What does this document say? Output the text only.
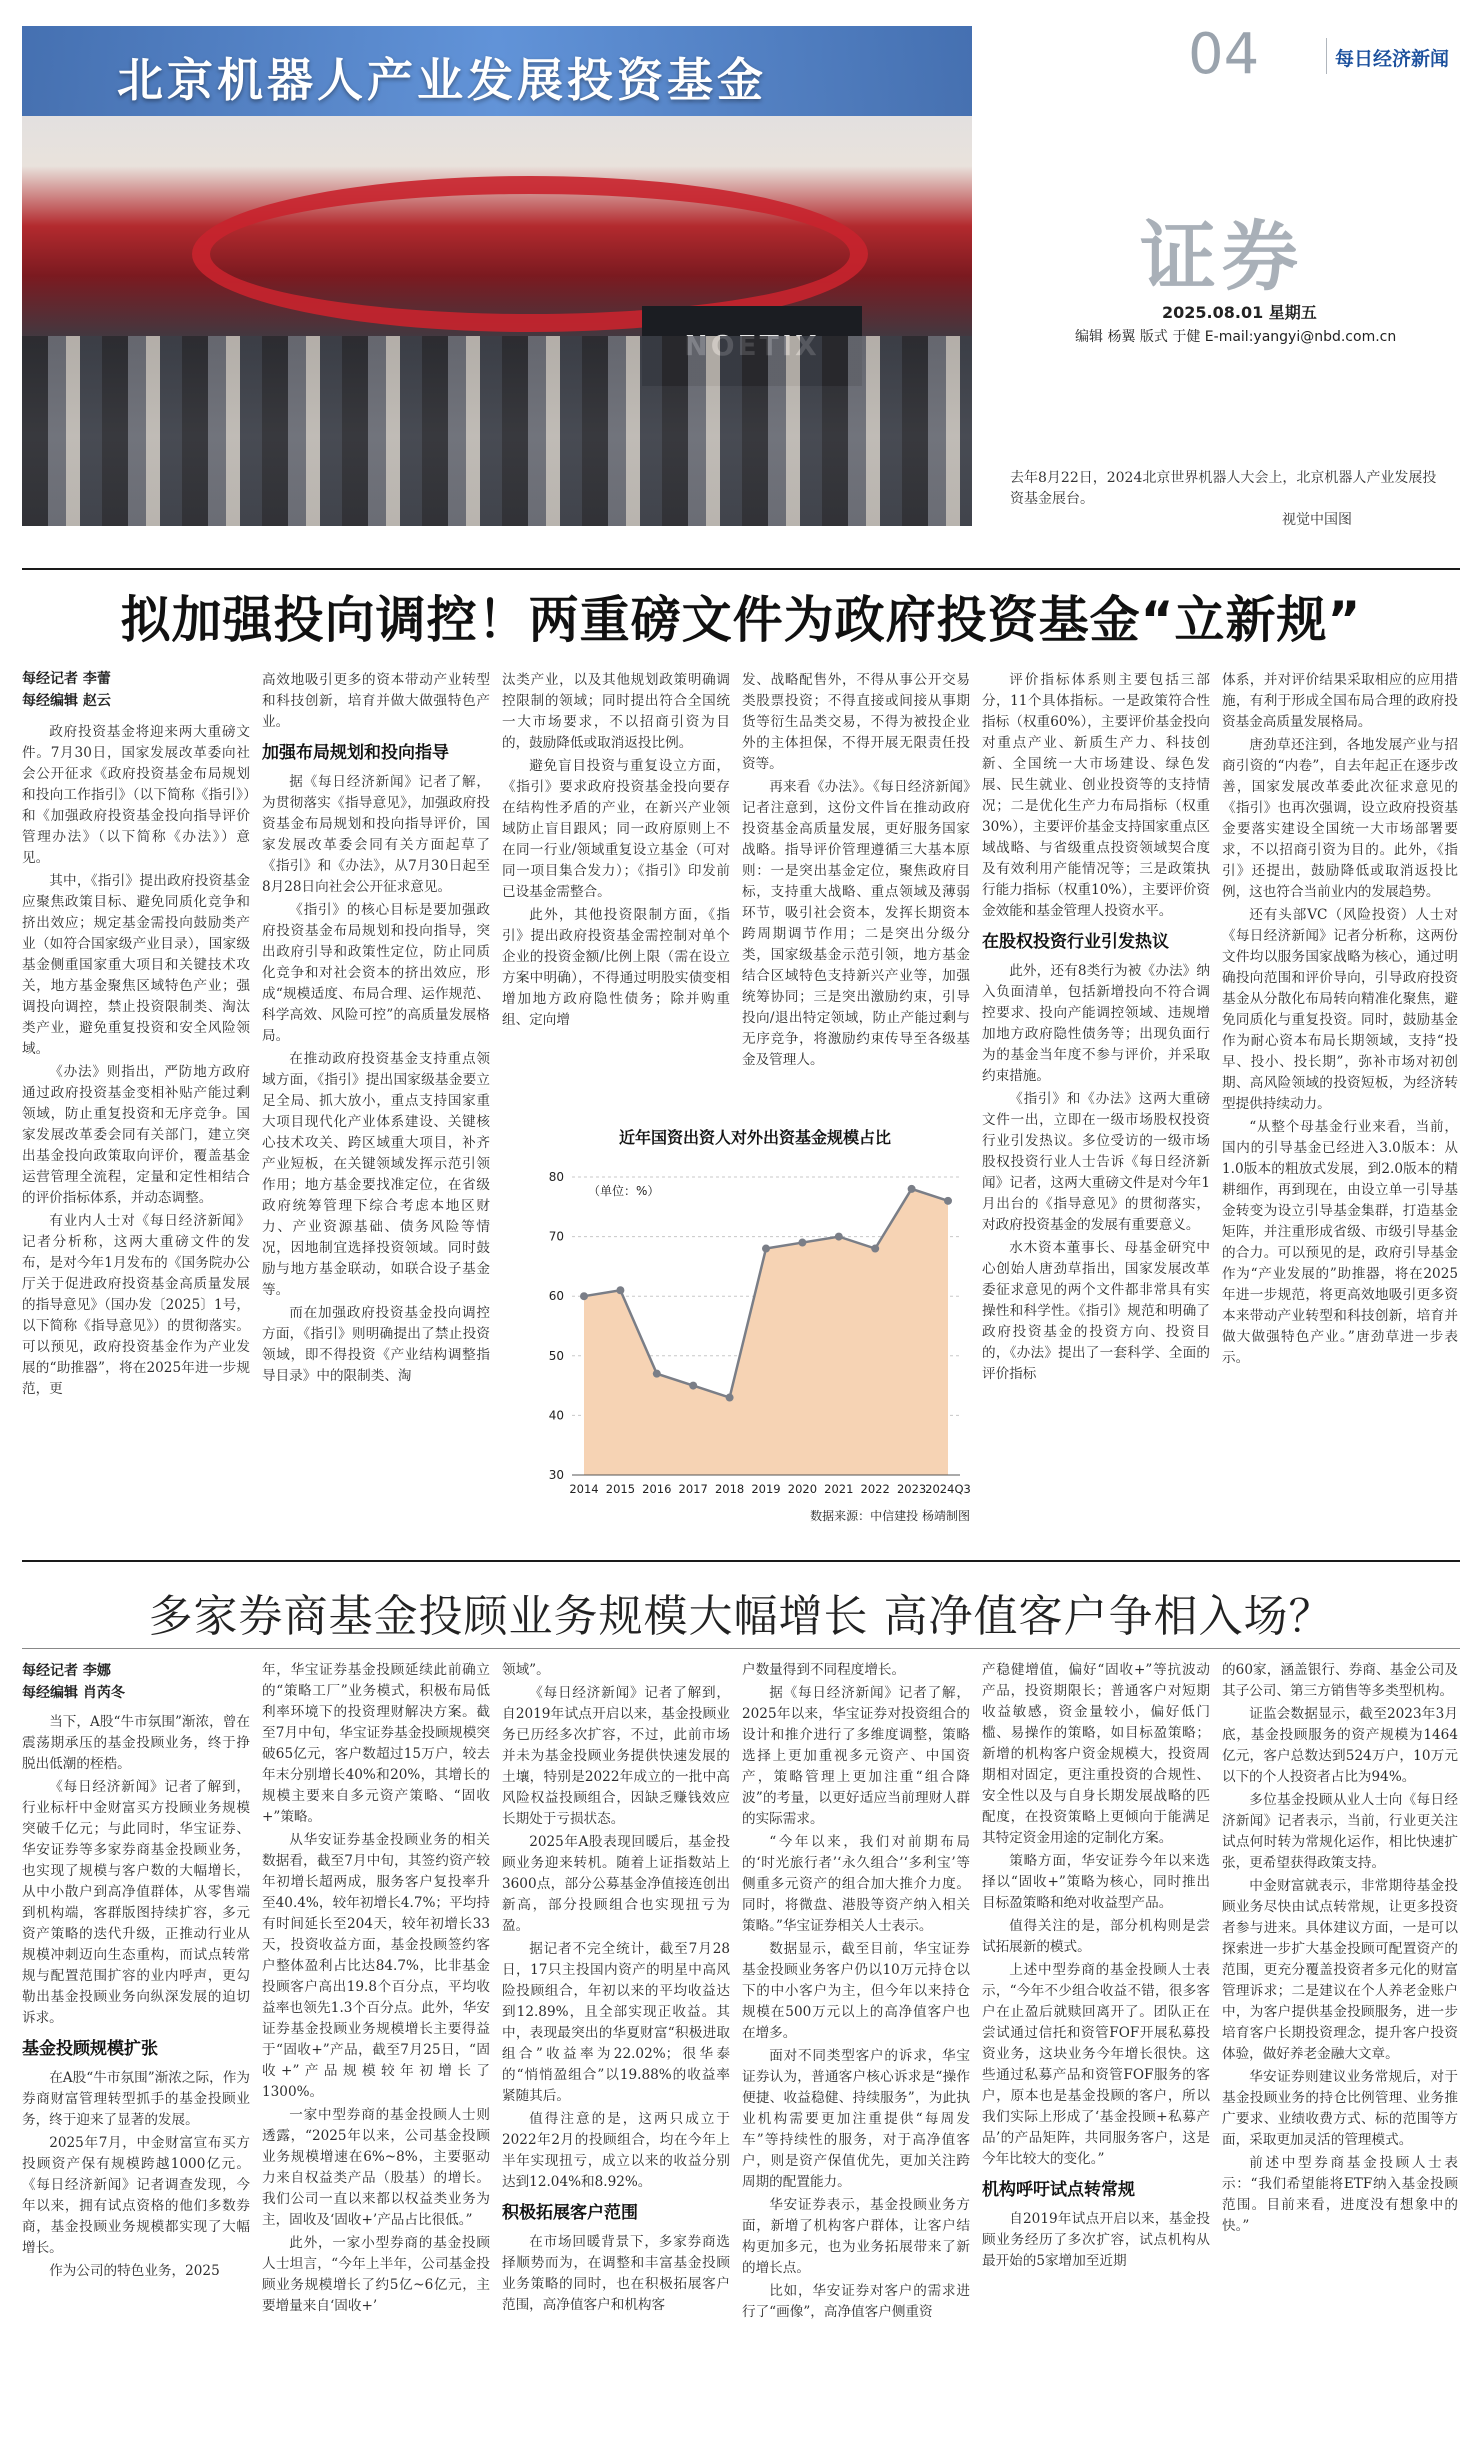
北京机器人产业发展投资基金	04	每日经济新闻
证券
2025.08.01 星期五
编辑 杨翼 版式 于健 E-mail:yangyi@nbd.com.cn
去年8月22日，2024北京世界机器人大会上，北京机器人产业发展投资基金展台。
视觉中国图
拟加强投向调控！两重磅文件为政府投资基金“立新规”
每经记者 李蕾
每经编辑 赵云

政府投资基金将迎来两大重磅文件。7月30日，国家发展改革委向社会公开征求《政府投资基金布局规划和投向工作指引》（以下简称《指引》）和《加强政府投资基金投向指导评价管理办法》（以下简称《办法》）意见。

其中，《指引》提出政府投资基金应聚焦政策目标、避免同质化竞争和挤出效应；规定基金需投向鼓励类产业（如符合国家级产业目录），国家级基金侧重国家重大项目和关键技术攻关，地方基金聚焦区域特色产业；强调投向调控，禁止投资限制类、淘汰类产业，避免重复投资和安全风险领域。

《办法》则指出，严防地方政府通过政府投资基金变相补贴产能过剩领域，防止重复投资和无序竞争。国家发展改革委会同有关部门，建立突出基金投向政策取向评价，覆盖基金运营管理全流程，定量和定性相结合的评价指标体系，并动态调整。

有业内人士对《每日经济新闻》记者分析称，这两大重磅文件的发布，是对今年1月发布的《国务院办公厅关于促进政府投资基金高质量发展的指导意见》（国办发〔2025〕1号，以下简称《指导意见》）的贯彻落实。可以预见，政府投资基金作为产业发展的“助推器”，将在2025年进一步规范，更

高效地吸引更多的资本带动产业转型和科技创新，培育并做大做强特色产业。

加强布局规划和投向指导

据《每日经济新闻》记者了解，为贯彻落实《指导意见》，加强政府投资基金布局规划和投向指导评价，国家发展改革委会同有关方面起草了《指引》和《办法》，从7月30日起至8月28日向社会公开征求意见。

《指引》的核心目标是要加强政府投资基金布局规划和投向指导，突出政府引导和政策性定位，防止同质化竞争和对社会资本的挤出效应，形成“规模适度、布局合理、运作规范、科学高效、风险可控”的高质量发展格局。

在推动政府投资基金支持重点领域方面，《指引》提出国家级基金要立足全局、抓大放小，重点支持国家重大项目现代化产业体系建设、关键核心技术攻关、跨区域重大项目，补齐产业短板，在关键领域发挥示范引领作用；地方基金要找准定位，在省级政府统筹管理下综合考虑本地区财力、产业资源基础、债务风险等情况，因地制宜选择投资领域。同时鼓励与地方基金联动，如联合设子基金等。

而在加强政府投资基金投向调控方面，《指引》则明确提出了禁止投资领域，即不得投资《产业结构调整指导目录》中的限制类、淘

汰类产业，以及其他规划政策明确调控限制的领域；同时提出符合全国统一大市场要求，不以招商引资为目的，鼓励降低或取消返投比例。

避免盲目投资与重复设立方面，《指引》要求政府投资基金投向要存在结构性矛盾的产业，在新兴产业领域防止盲目跟风；同一政府原则上不在同一行业/领域重复设立基金（可对同一项目集合发力）；《指引》印发前已设基金需整合。

此外，其他投资限制方面，《指引》提出政府投资基金需控制对单个企业的投资金额/比例上限（需在设立方案中明确），不得通过明股实债变相增加地方政府隐性债务；除并购重组、定向增

发、战略配售外，不得从事公开交易类股票投资；不得直接或间接从事期货等衍生品类交易，不得为被投企业外的主体担保，不得开展无限责任投资等。

再来看《办法》。《每日经济新闻》记者注意到，这份文件旨在推动政府投资基金高质量发展，更好服务国家战略。指导评价管理遵循三大基本原则：一是突出基金定位，聚焦政府目标，支持重大战略、重点领域及薄弱环节，吸引社会资本，发挥长期资本跨周期调节作用；二是突出分级分类，国家级基金示范引领，地方基金结合区域特色支持新兴产业等，加强统筹协同；三是突出激励约束，引导投向/退出特定领域，防止产能过剩与无序竞争，将激励约束传导至各级基金及管理人。

评价指标体系则主要包括三部分，11个具体指标。一是政策符合性指标（权重60%），主要评价基金投向对重点产业、新质生产力、科技创新、全国统一大市场建设、绿色发展、民生就业、创业投资等的支持情况；二是优化生产力布局指标（权重30%），主要评价基金支持国家重点区域战略、与省级重点投资领域契合度及有效利用产能情况等；三是政策执行能力指标（权重10%），主要评价资金效能和基金管理人投资水平。

在股权投资行业引发热议

此外，还有8类行为被《办法》纳入负面清单，包括新增投向不符合调控要求、投向产能调控领域、违规增加地方政府隐性债务等；出现负面行为的基金当年度不参与评价，并采取约束措施。

《指引》和《办法》这两大重磅文件一出，立即在一级市场股权投资行业引发热议。多位受访的一级市场股权投资行业人士告诉《每日经济新闻》记者，这两大重磅文件是对今年1月出台的《指导意见》的贯彻落实，对政府投资基金的发展有重要意义。

水木资本董事长、母基金研究中心创始人唐劲草指出，国家发展改革委征求意见的两个文件都非常具有实操性和科学性。《指引》规范和明确了政府投资基金的投资方向、投资目的，《办法》提出了一套科学、全面的评价指标

体系，并对评价结果采取相应的应用措施，有利于形成全国布局合理的政府投资基金高质量发展格局。

唐劲草还注到，各地发展产业与招商引资的“内卷”，自去年起正在逐步改善，国家发展改革委此次征求意见的《指引》也再次强调，设立政府投资基金要落实建设全国统一大市场部署要求，不以招商引资为目的。此外，《指引》还提出，鼓励降低或取消返投比例，这也符合当前业内的发展趋势。

还有头部VC（风险投资）人士对《每日经济新闻》记者分析称，这两份文件均以服务国家战略为核心，通过明确投向范围和评价导向，引导政府投资基金从分散化布局转向精准化聚焦，避免同质化与重复投资。同时，鼓励基金作为耐心资本布局长期领域，支持“投早、投小、投长期”，弥补市场对初创期、高风险领域的投资短板，为经济转型提供持续动力。

“从整个母基金行业来看，当前，国内的引导基金已经进入3.0版本：从1.0版本的粗放式发展，到2.0版本的精耕细作，再到现在，由设立单一引导基金转变为设立引导基金集群，打造基金矩阵，并注重形成省级、市级引导基金的合力。可以预见的是，政府引导基金作为“产业发展的”助推器，将在2025年进一步规范，将更高效地吸引更多资本来带动产业转型和科技创新，培育并做大做强特色产业。”唐劲草进一步表示。

近年国资出资人对外出资基金规模占比
30
40
50
60
70
80
（单位：%）
2014 2015 2016 2017 2018 2019 2020 2021 2022 2023
2024Q3
数据来源：中信建投 杨靖制图
多家券商基金投顾业务规模大幅增长 高净值客户争相入场？
每经记者 李娜
每经编辑 肖芮冬

当下，A股“牛市氛围”渐浓，曾在震荡期承压的基金投顾业务，终于挣脱出低潮的桎梏。

《每日经济新闻》记者了解到，行业标杆中金财富买方投顾业务规模突破千亿元；与此同时，华宝证券、华安证券等多家券商基金投顾业务，也实现了规模与客户数的大幅增长，从中小散户到高净值群体，从零售端到机构端，客群版图持续扩容，多元资产策略的迭代升级，正推动行业从规模冲刺迈向生态重构，而试点转常规与配置范围扩容的业内呼声，更勾勒出基金投顾业务向纵深发展的迫切诉求。

基金投顾规模扩张

在A股“牛市氛围”渐浓之际，作为券商财富管理转型抓手的基金投顾业务，终于迎来了显著的发展。

2025年7月，中金财富宣布买方投顾资产保有规模跨越1000亿元。《每日经济新闻》记者调查发现，今年以来，拥有试点资格的他们多数券商，基金投顾业务规模都实现了大幅增长。

作为公司的特色业务，2025

年，华宝证券基金投顾延续此前确立的“策略工厂”业务模式，积极布局低利率环境下的投资理财解决方案。截至7月中旬，华宝证券基金投顾规模突破65亿元，客户数超过15万户，较去年末分别增长40%和20%，其增长的规模主要来自多元资产策略、“固收+”策略。

从华安证券基金投顾业务的相关数据看，截至7月中旬，其签约资产较年初增长超两成，服务客户复投率升至40.4%，较年初增长4.7%；平均持有时间延长至204天，较年初增长33天，投资收益方面，基金投顾签约客户整体盈利占比达84.7%，比非基金投顾客户高出19.8个百分点，平均收益率也领先1.3个百分点。此外，华安证券基金投顾业务规模增长主要得益于“固收+”产品，截至7月25日，“固收+”产品规模较年初增长了1300%。

一家中型券商的基金投顾人士则透露，“2025年以来，公司基金投顾业务规模增速在6%~8%，主要驱动力来自权益类产品（股基）的增长。我们公司一直以来都以权益类业务为主，固收及‘固收+’产品占比很低。”

此外，一家小型券商的基金投顾人士坦言，“今年上半年，公司基金投顾业务规模增长了约5亿~6亿元，主要增量来自‘固收+’

领域”。

《每日经济新闻》记者了解到，自2019年试点开启以来，基金投顾业务已历经多次扩容，不过，此前市场并未为基金投顾业务提供快速发展的土壤，特别是2022年成立的一批中高风险权益投顾组合，因缺乏赚钱效应长期处于亏损状态。

2025年A股表现回暖后，基金投顾业务迎来转机。随着上证指数站上3600点，部分公募基金净值接连创出新高，部分投顾组合也实现扭亏为盈。

据记者不完全统计，截至7月28日，17只主投国内资产的明星中高风险投顾组合，年初以来的平均收益达到12.89%，且全部实现正收益。其中，表现最突出的华夏财富“积极进取组合”收益率为22.02%；很华泰的“悄悄盈组合”以19.88%的收益率紧随其后。

值得注意的是，这两只成立于2022年2月的投顾组合，均在今年上半年实现扭亏，成立以来的收益分别达到12.04%和8.92%。

积极拓展客户范围

在市场回暖背景下，多家券商选择顺势而为，在调整和丰富基金投顾业务策略的同时，也在积极拓展客户范围，高净值客户和机构客

户数量得到不同程度增长。

据《每日经济新闻》记者了解，2025年以来，华宝证券对投资组合的设计和推介进行了多维度调整，策略选择上更加重视多元资产、中国资产，策略管理上更加注重“组合降波”的考量，以更好适应当前理财人群的实际需求。

“今年以来，我们对前期布局的‘时光旅行者’‘永久组合’‘多利宝’等侧重多元资产的组合加大推介力度。同时，将微盘、港股等资产纳入相关策略。”华宝证券相关人士表示。

数据显示，截至目前，华宝证券基金投顾业务客户仍以10万元持仓以下的中小客户为主，但今年以来持仓规模在500万元以上的高净值客户也在增多。

面对不同类型客户的诉求，华宝证券认为，普通客户核心诉求是“操作便捷、收益稳健、持续服务”，为此执业机构需要更加注重提供“每周发车”等持续性的服务，对于高净值客户，则是资产保值优先，更加关注跨周期的配置能力。

华安证券表示，基金投顾业务方面，新增了机构客户群体，让客户结构更加多元，也为业务拓展带来了新的增长点。

比如，华安证券对客户的需求进行了“画像”，高净值客户侧重资

产稳健增值，偏好“固收+”等抗波动产品，投资期限长；普通客户对短期收益敏感，资金量较小，偏好低门槛、易操作的策略，如目标盈策略；新增的机构客户资金规模大，投资周期相对固定，更注重投资的合规性、安全性以及与自身长期发展战略的匹配度，在投资策略上更倾向于能满足其特定资金用途的定制化方案。

策略方面，华安证券今年以来选择以“固收+”策略为核心，同时推出目标盈策略和绝对收益型产品。

值得关注的是，部分机构则是尝试拓展新的模式。

上述中型券商的基金投顾人士表示，“今年不少组合收益不错，很多客户在止盈后就赎回离开了。团队正在尝试通过信托和资管FOF开展私募投资业务，这块业务今年增长很快。这些通过私募产品和资管FOF服务的客户，原本也是基金投顾的客户，所以我们实际上形成了‘基金投顾+私募产品’的产品矩阵，共同服务客户，这是今年比较大的变化。”

机构呼吁试点转常规

自2019年试点开启以来，基金投顾业务经历了多次扩容，试点机构从最开始的5家增加至近期

的60家，涵盖银行、券商、基金公司及其子公司、第三方销售等多类型机构。

证监会数据显示，截至2023年3月底，基金投顾服务的资产规模为1464亿元，客户总数达到524万户，10万元以下的个人投资者占比为94%。

多位基金投顾从业人士向《每日经济新闻》记者表示，当前，行业更关注试点何时转为常规化运作，相比快速扩张，更希望获得政策支持。

中金财富就表示，非常期待基金投顾业务尽快由试点转常规，让更多投资者参与进来。具体建议方面，一是可以探索进一步扩大基金投顾可配置资产的范围，更充分覆盖投资者多元化的财富管理诉求；二是建议在个人养老金账户中，为客户提供基金投顾服务，进一步培育客户长期投资理念，提升客户投资体验，做好养老金融大文章。

华安证券则建议业务常规后，对于基金投顾业务的持仓比例管理、业务推广要求、业绩收费方式、标的范围等方面，采取更加灵活的管理模式。

前述中型券商基金投顾人士表示：“我们希望能将ETF纳入基金投顾范围。目前来看，进度没有想象中的快。”
